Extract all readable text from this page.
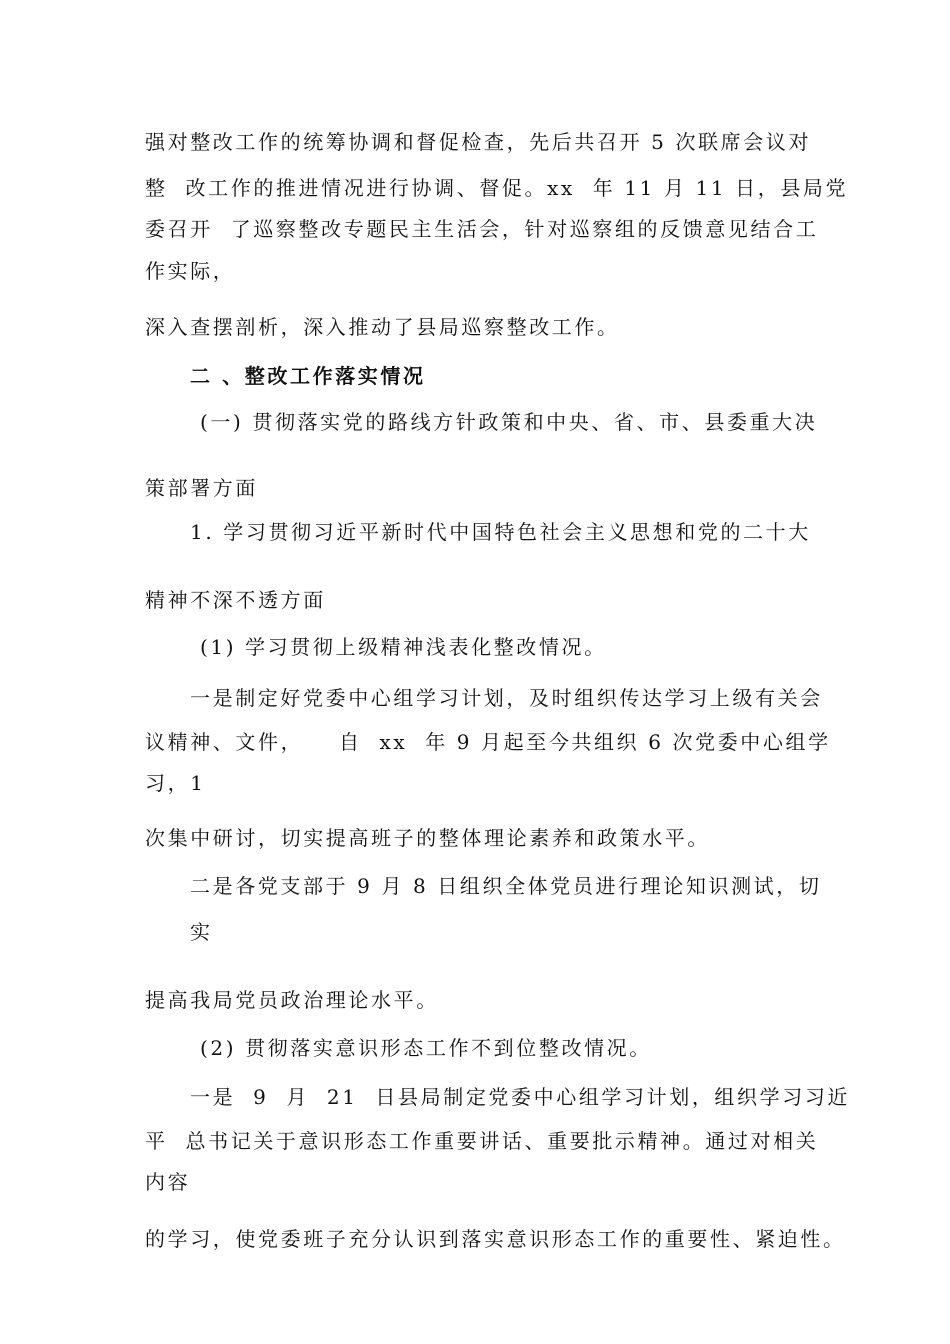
强对整改工作的统筹协调和督促检查，先后共召开 5 次联席会议对
整  改工作的推进情况进行协调、督促。xx  年 11 月 11 日，县局党
委召开  了巡察整改专题民主生活会，针对巡察组的反馈意见结合工
作实际，
深入查摆剖析，深入推动了县局巡察整改工作。
二 、整改工作落实情况
(一) 贯彻落实党的路线方针政策和中央、省、市、县委重大决
策部署方面
1. 学习贯彻习近平新时代中国特色社会主义思想和党的二十大
精神不深不透方面
(1) 学习贯彻上级精神浅表化整改情况。
一是制定好党委中心组学习计划，及时组织传达学习上级有关会
议精神、文件，    自  xx  年 9 月起至今共组织 6 次党委中心组学
习，1
次集中研讨，切实提高班子的整体理论素养和政策水平。
二是各党支部于 9 月 8 日组织全体党员进行理论知识测试，切
实
提高我局党员政治理论水平。
(2) 贯彻落实意识形态工作不到位整改情况。
一是  9  月  21  日县局制定党委中心组学习计划，组织学习习近
平  总书记关于意识形态工作重要讲话、重要批示精神。通过对相关
内容
的学习，使党委班子充分认识到落实意识形态工作的重要性、紧迫性。
